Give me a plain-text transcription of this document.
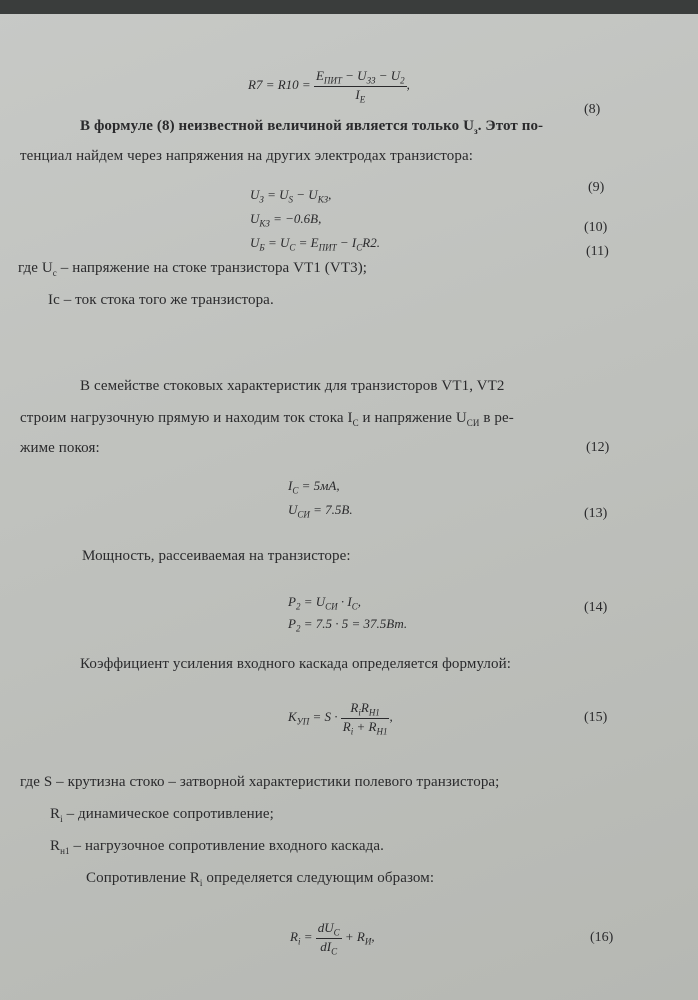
$R7 = R10 = \frac{E_{ПИТ} - U_{ЗЗ} - U_2}{I_Е}$ ,
(8)
В формуле (8) неизвестной величиной является только $U_з$. Этот по-
тенциал найдем через напряжения на других электродах транзистора:
$U_З = U_S - U_{КЗ}$,	(9)
$U_{КЗ} = -0.6B$,
(10)
$U_Б = U_С = E_{ПИТ} - I_СR2$.
(11)
где $U_с$ – напряжение на стоке транзистора VT1 (VT3);
Iс – ток стока того же транзистора.
В семействе стоковых характеристик для транзисторов VT1, VT2
строим нагрузочную прямую и находим ток стока $I_C$ и напряжение $U_{СИ}$ в ре-
жиме покоя:	(12)
$I_C = 5мА$,
$U_{СИ} = 7.5B$.	(13)
Мощность, рассеиваемая на транзисторе:
$P_2 = U_{СИ} \cdot I_C$,
$P_2 = 7.5 \cdot 5 = 37.5Вт$.
(14)
Коэффициент усиления входного каскада определяется формулой:
$K_{УП} = S \cdot \frac{R_iR_{Н1}}{R_i + R_{Н1}}$ ,	(15)
где S – крутизна стоко – затворной характеристики полевого транзистора;
$R_i$ – динамическое сопротивление;
$R_{н1}$ – нагрузочное сопротивление входного каскада.
Сопротивление $R_i$ определяется следующим образом:
$R_i = \frac{dU_C}{dI_C} + R_И$,	(16)
